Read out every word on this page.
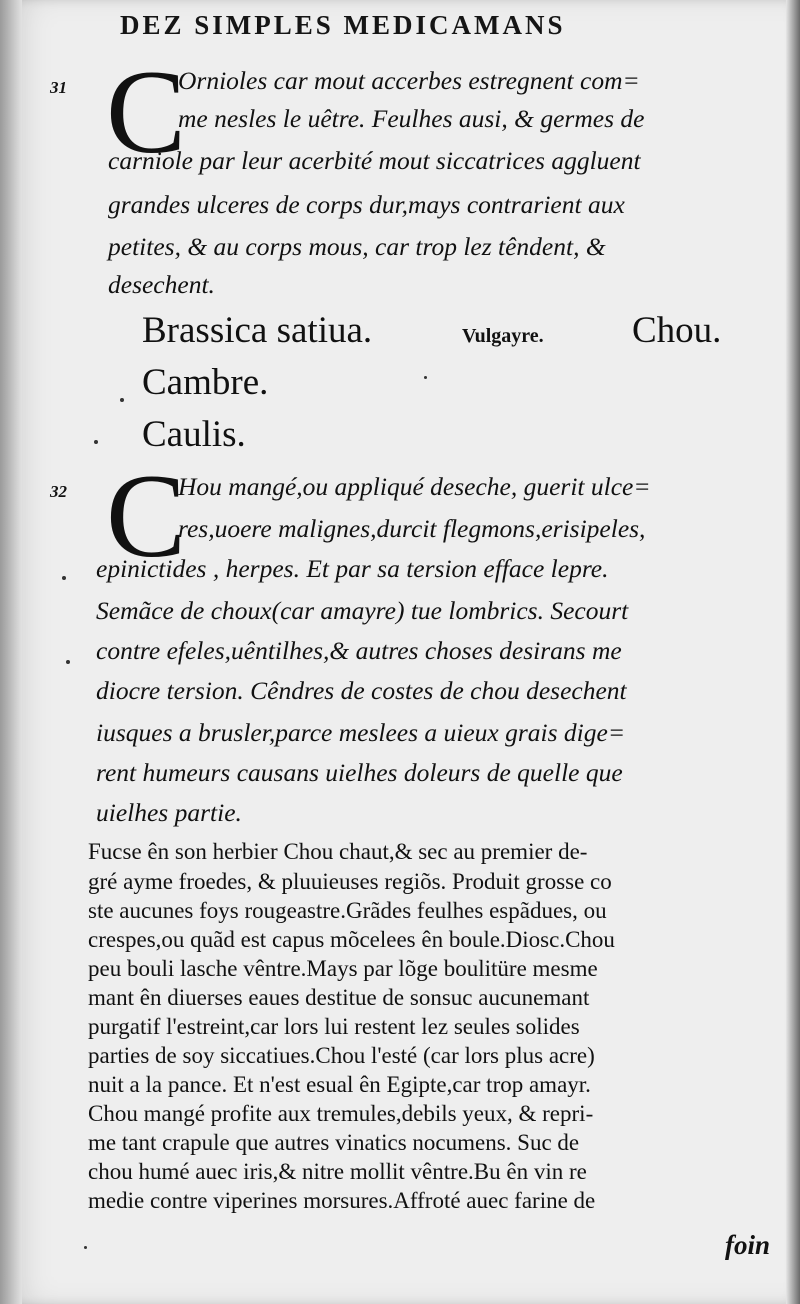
DEZ SIMPLES MEDICAMANS
31 C
Ornioles car mout accerbes estregnent com=
me nesles le uêtre. Feulhes ausi, & germes de
carniole par leur acerbité mout siccatrices aggluent
grandes ulceres de corps dur,mays contrarient aux
petites, & au corps mous, car trop lez têndent, &
desechent.
Brassica satiua.	Vulgayre. Chou.
Cambre.
Caulis.
32 C
Hou mangé,ou appliqué deseche, guerit ulce=
res,uoere malignes,durcit flegmons,erisipeles,
epinictides , herpes. Et par sa tersion efface lepre.
Semãce de choux(car amayre) tue lombrics. Secourt
contre efeles,uêntilhes,& autres choses desirans me
diocre tersion. Cêndres de costes de chou desechent
iusques a brusler,parce meslees a uieux grais dige=
rent humeurs causans uielhes doleurs de quelle que
uielhes partie.
Fucse ên son herbier Chou chaut,& sec au premier de-
gré ayme froedes, & pluuieuses regiõs. Produit grosse co
ste aucunes foys rougeastre.Grãdes feulhes espãdues, ou
crespes,ou quãd est capus mõcelees ên boule.Diosc.Chou
peu bouli lasche vêntre.Mays par lõge boulitüre mesme
mant ên diuerses eaues destitue de sonsuc aucunemant
purgatif l'estreint,car lors lui restent lez seules solides
parties de soy siccatiues.Chou l'esté (car lors plus acre)
nuit a la pance. Et n'est esual ên Egipte,car trop amayr.
Chou mangé profite aux tremules,debils yeux, & repri-
me tant crapule que autres vinatics nocumens. Suc de
chou humé auec iris,& nitre mollit vêntre.Bu ên vin re
medie contre viperines morsures.Affroté auec farine de
foin
